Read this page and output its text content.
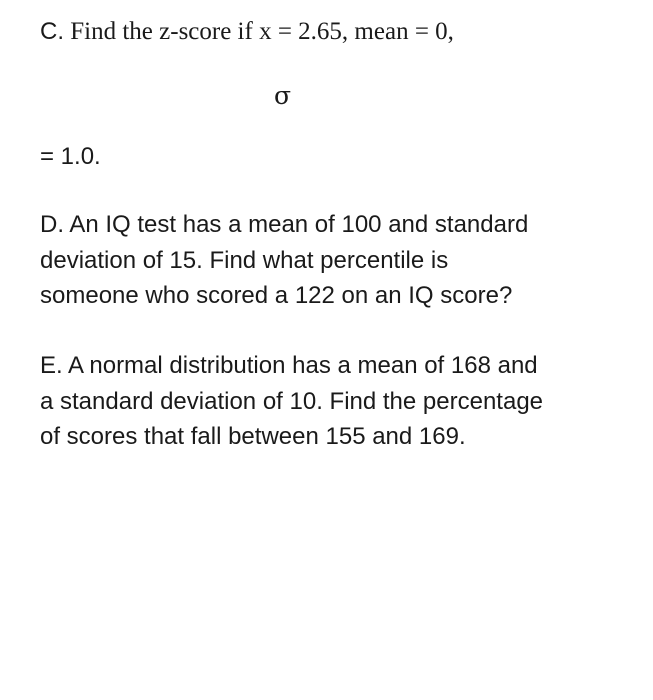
C. Find the z-score if x = 2.65, mean = 0,

σ

= 1.0.

D. An IQ test has a mean of 100 and standard
deviation of 15. Find what percentile is
someone who scored a 122 on an IQ score?
E. A normal distribution has a mean of 168 and
a standard deviation of 10. Find the percentage
of scores that fall between 155 and 169.
